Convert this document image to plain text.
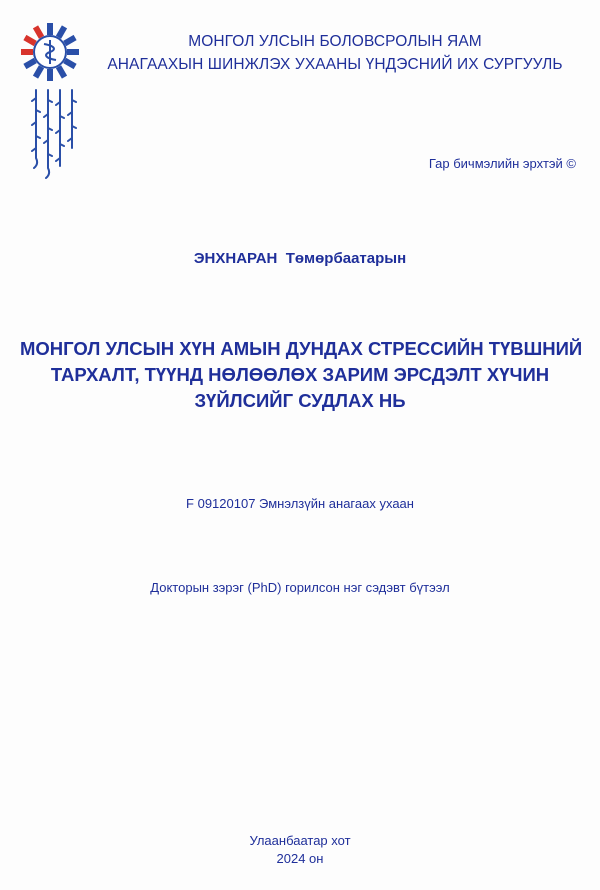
МОНГОЛ УЛСЫН БОЛОВСРОЛЫН ЯАМ
АНАГААХЫН ШИНЖЛЭХ УХААНЫ ҮНДЭСНИЙ ИХ СУРГУУЛЬ
Гар бичмэлийн эрхтэй ©
ЭНХНАРАН  Төмөрбаатарын
МОНГОЛ УЛСЫН ХҮН АМЫН ДУНДАХ СТРЕССИЙН ТҮВШНИЙ
ТАРХАЛТ, ТҮҮНД НӨЛӨӨЛӨХ ЗАРИМ ЭРСДЭЛТ ХҮЧИН
ЗҮЙЛСИЙГ СУДЛАХ НЬ
F 09120107 Эмнэлзүйн анагаах ухаан
Докторын зэрэг (PhD) горилсон нэг сэдэвт бүтээл
Улаанбаатар хот
2024 он
